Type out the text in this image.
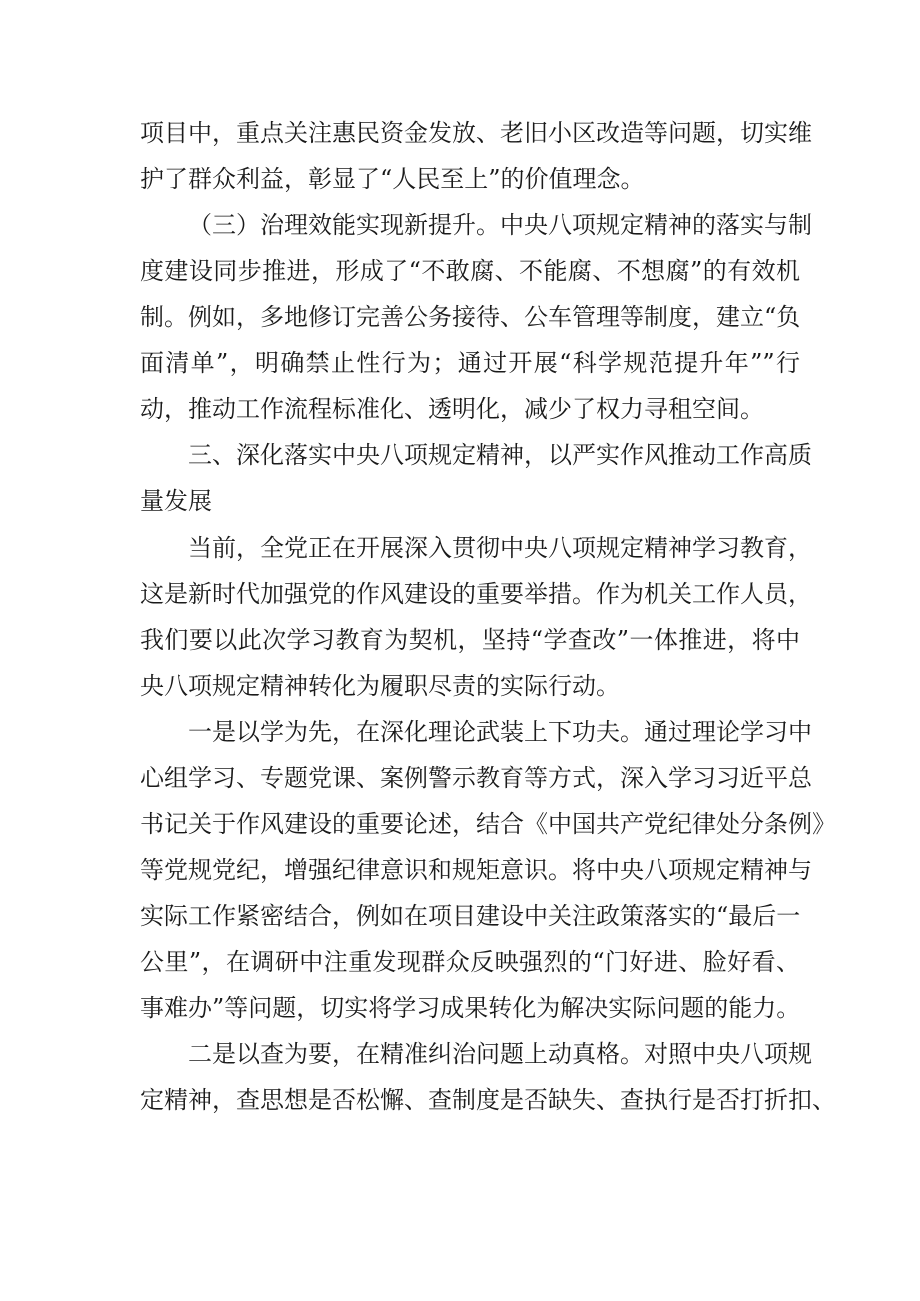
项目中，重点关注惠民资金发放、老旧小区改造等问题，切实维
护了群众利益，彰显了“人民至上”的价值理念。
（三）治理效能实现新提升。中央八项规定精神的落实与制
度建设同步推进，形成了“不敢腐、不能腐、不想腐”的有效机
制。例如，多地修订完善公务接待、公车管理等制度，建立“负
面清单”，明确禁止性行为；通过开展“科学规范提升年””行
动，推动工作流程标准化、透明化，减少了权力寻租空间。
三、深化落实中央八项规定精神，以严实作风推动工作高质
量发展
当前，全党正在开展深入贯彻中央八项规定精神学习教育，
这是新时代加强党的作风建设的重要举措。作为机关工作人员，
我们要以此次学习教育为契机，坚持“学查改”一体推进，将中
央八项规定精神转化为履职尽责的实际行动。
一是以学为先，在深化理论武装上下功夫。通过理论学习中
心组学习、专题党课、案例警示教育等方式，深入学习习近平总
书记关于作风建设的重要论述，结合《中国共产党纪律处分条例》
等党规党纪，增强纪律意识和规矩意识。将中央八项规定精神与
实际工作紧密结合，例如在项目建设中关注政策落实的“最后一
公里”，在调研中注重发现群众反映强烈的“门好进、脸好看、
事难办”等问题，切实将学习成果转化为解决实际问题的能力。
二是以查为要，在精准纠治问题上动真格。对照中央八项规
定精神，查思想是否松懈、查制度是否缺失、查执行是否打折扣、
